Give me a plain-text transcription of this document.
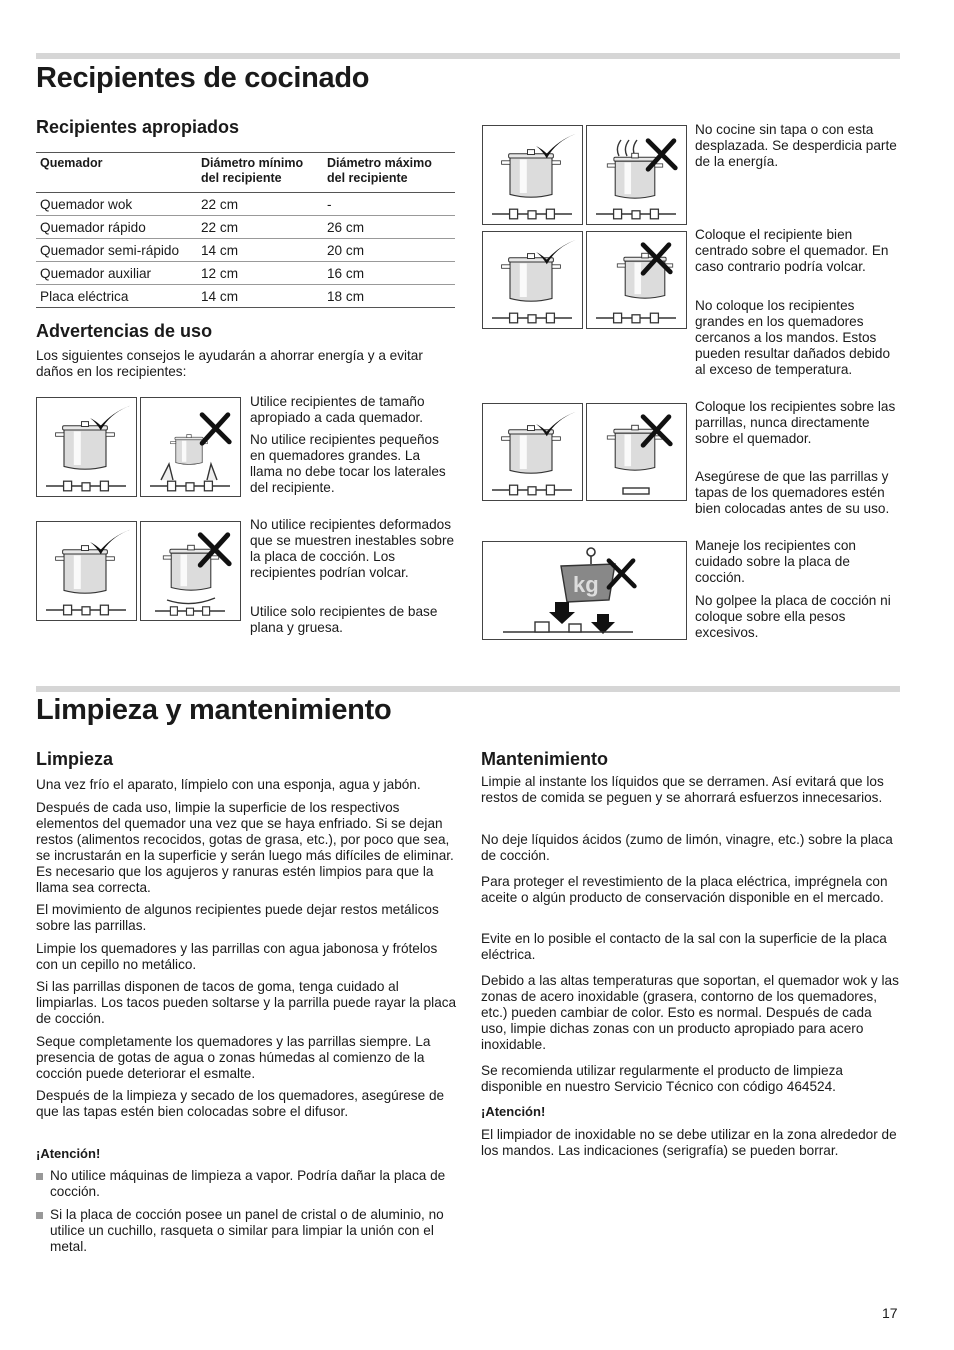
Recipientes de cocinado
Recipientes apropiados
Quemador	Diámetro mínimo del recipiente	Diámetro máximo del recipiente
Quemador wok	22 cm	-
Quemador rápido	22 cm	26 cm
Quemador semi-rápido	14 cm	20 cm
Quemador auxiliar	12 cm	16 cm
Placa eléctrica	14 cm	18 cm
Advertencias de uso

Los siguientes consejos le ayudarán a ahorrar energía y a evitar daños en los recipientes:

Utilice recipientes de tamaño apropiado a cada quemador.

No utilice recipientes pequeños en quemadores grandes. La llama no debe tocar los laterales del recipiente.

No utilice recipientes deformados que se muestren inestables sobre la placa de cocción. Los recipientes podrían volcar.

Utilice solo recipientes de base plana y gruesa.

kg

No cocine sin tapa o con esta desplazada. Se desperdicia parte de la energía.

Coloque el recipiente bien centrado sobre el quemador. En caso contrario podría volcar.

No coloque los recipientes grandes en los quemadores cercanos a los mandos. Estos pueden resultar dañados debido al exceso de temperatura.

Coloque los recipientes sobre las parrillas, nunca directamente sobre el quemador.

Asegúrese de que las parrillas y tapas de los quemadores estén bien colocadas antes de su uso.

Maneje los recipientes con cuidado sobre la placa de cocción.

No golpee la placa de cocción ni coloque sobre ella pesos excesivos.

Limpieza y mantenimiento
Limpieza

Una vez frío el aparato, límpielo con una esponja, agua y jabón.

Después de cada uso, limpie la superficie de los respectivos elementos del quemador una vez que se haya enfriado. Si se dejan restos (alimentos recocidos, gotas de grasa, etc.), por poco que sea, se incrustarán en la superficie y serán luego más difíciles de eliminar. Es necesario que los agujeros y ranuras estén limpios para que la llama sea correcta.

El movimiento de algunos recipientes puede dejar restos metálicos sobre las parrillas.

Limpie los quemadores y las parrillas con agua jabonosa y frótelos con un cepillo no metálico.

Si las parrillas disponen de tacos de goma, tenga cuidado al limpiarlas. Los tacos pueden soltarse y la parrilla puede rayar la placa de cocción.

Seque completamente los quemadores y las parrillas siempre. La presencia de gotas de agua o zonas húmedas al comienzo de la cocción puede deteriorar el esmalte.

Después de la limpieza y secado de los quemadores, asegúrese de que las tapas estén bien colocadas sobre el difusor.

¡Atención!

No utilice máquinas de limpieza a vapor. Podría dañar la placa de cocción.
Si la placa de cocción posee un panel de cristal o de aluminio, no utilice un cuchillo, rasqueta o similar para limpiar la unión con el metal.
Mantenimiento

Limpie al instante los líquidos que se derramen. Así evitará que los restos de comida se peguen y se ahorrará esfuerzos innecesarios.

No deje líquidos ácidos (zumo de limón, vinagre, etc.) sobre la placa de cocción.

Para proteger el revestimiento de la placa eléctrica, imprégnela con aceite o algún producto de conservación disponible en el mercado.

Evite en lo posible el contacto de la sal con la superficie de la placa eléctrica.

Debido a las altas temperaturas que soportan, el quemador wok y las zonas de acero inoxidable (grasera, contorno de los quemadores, etc.) pueden cambiar de color. Esto es normal. Después de cada uso, limpie dichas zonas con un producto apropiado para acero inoxidable.

Se recomienda utilizar regularmente el producto de limpieza disponible en nuestro Servicio Técnico con código 464524.

¡Atención!

El limpiador de inoxidable no se debe utilizar en la zona alrededor de los mandos. Las indicaciones (serigrafía) se pueden borrar.

17
